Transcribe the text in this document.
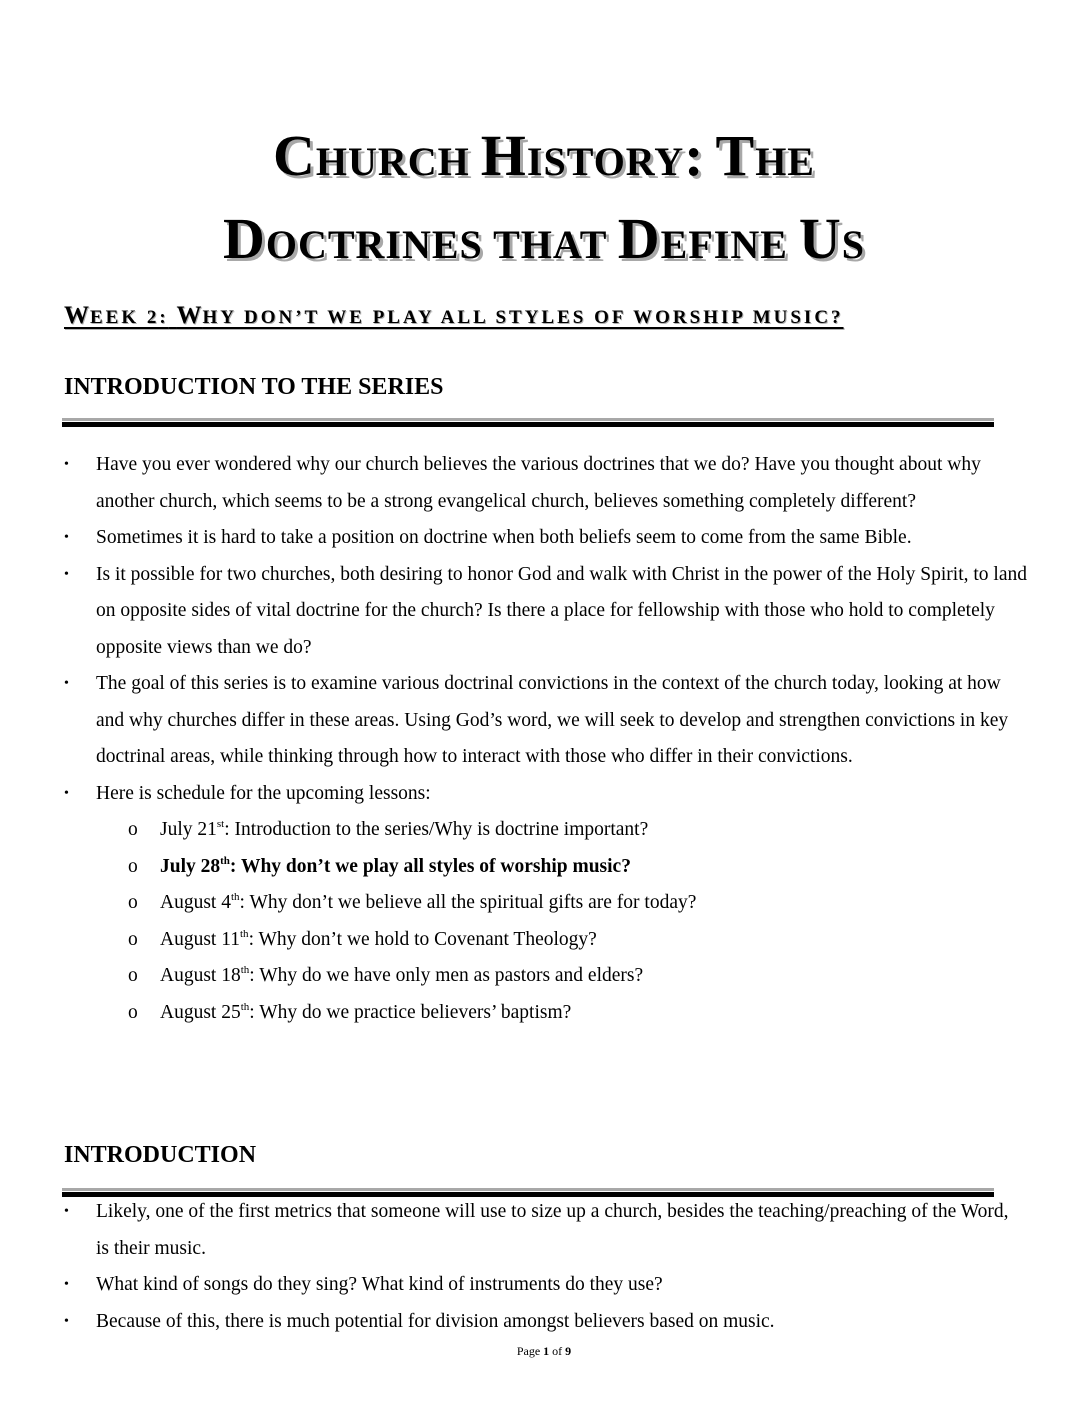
CHURCH HISTORY: THE
DOCTRINES THAT DEFINE US
WEEK 2: WHY DON’T WE PLAY ALL STYLES OF WORSHIP MUSIC?
INTRODUCTION TO THE SERIES
• Have you ever wondered why our church believes the various doctrines that we do? Have you thought about why another church, which seems to be a strong evangelical church, believes something completely different?
• Sometimes it is hard to take a position on doctrine when both beliefs seem to come from the same Bible.
• Is it possible for two churches, both desiring to honor God and walk with Christ in the power of the Holy Spirit, to land on opposite sides of vital doctrine for the church? Is there a place for fellowship with those who hold to completely opposite views than we do?
• The goal of this series is to examine various doctrinal convictions in the context of the church today, looking at how and why churches differ in these areas. Using God’s word, we will seek to develop and strengthen convictions in key doctrinal areas, while thinking through how to interact with those who differ in their convictions.
• Here is schedule for the upcoming lessons:
o July 21st: Introduction to the series/Why is doctrine important?
o July 28th: Why don’t we play all styles of worship music?
o August 4th: Why don’t we believe all the spiritual gifts are for today?
o August 11th: Why don’t we hold to Covenant Theology?
o August 18th: Why do we have only men as pastors and elders?
o August 25th: Why do we practice believers’ baptism?
INTRODUCTION
• Likely, one of the first metrics that someone will use to size up a church, besides the teaching/preaching of the Word, is their music.
• What kind of songs do they sing? What kind of instruments do they use?
• Because of this, there is much potential for division amongst believers based on music.
Page 1 of 9
